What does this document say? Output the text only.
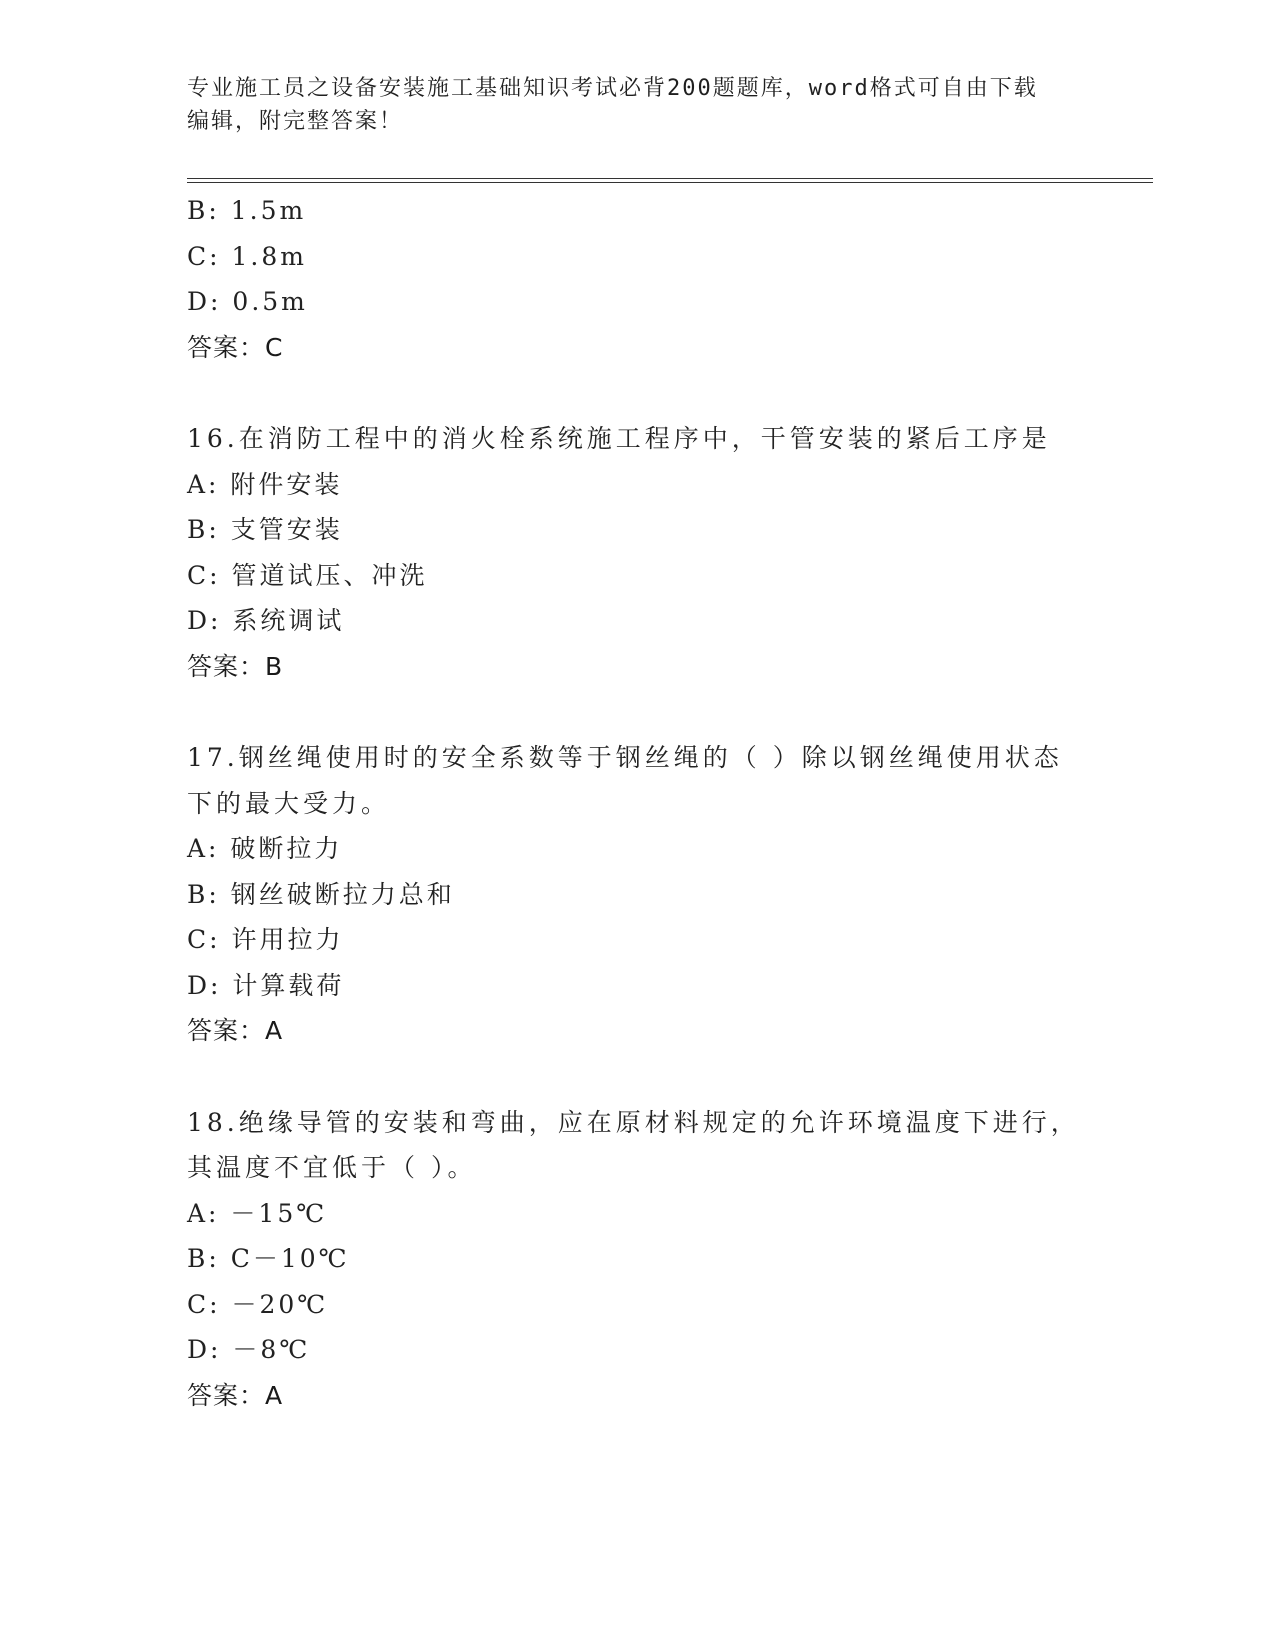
专业施工员之设备安装施工基础知识考试必背200题题库，word格式可自由下载
编辑，附完整答案！
B: 1.5m
C: 1.8m
D: 0.5m
答案：C
16.在消防工程中的消火栓系统施工程序中，干管安装的紧后工序是
A: 附件安装
B: 支管安装
C: 管道试压、冲洗
D: 系统调试
答案：B
17.钢丝绳使用时的安全系数等于钢丝绳的（ ）除以钢丝绳使用状态
下的最大受力。
A: 破断拉力
B: 钢丝破断拉力总和
C: 许用拉力
D: 计算载荷
答案：A
18.绝缘导管的安装和弯曲，应在原材料规定的允许环境温度下进行，
其温度不宜低于（ ）。
A: －15℃
B: C－10℃
C: －20℃
D: －8℃
答案：A
